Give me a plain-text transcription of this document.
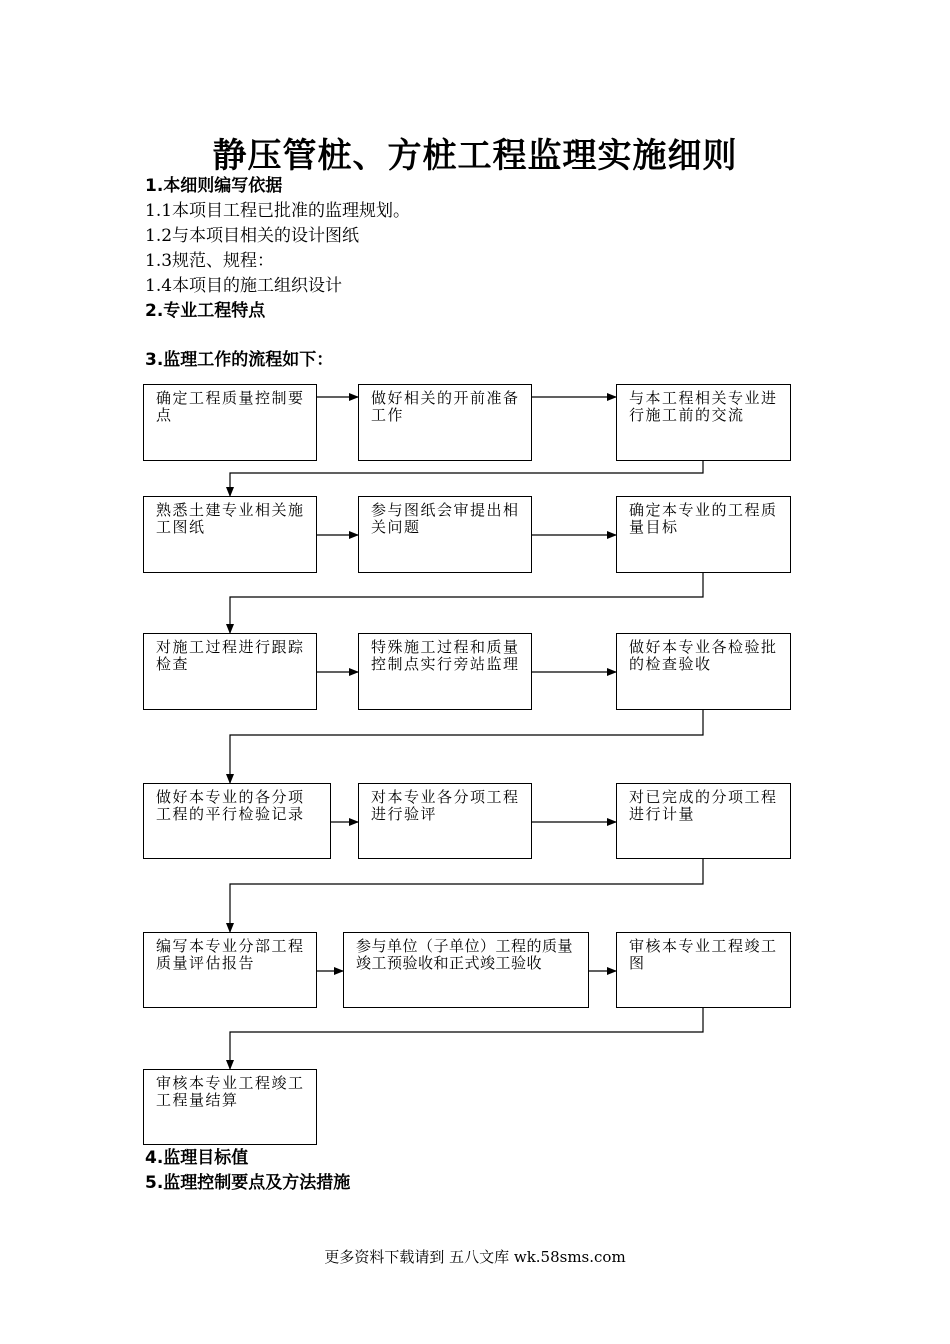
静压管桩、方桩工程监理实施细则
1.本细则编写依据
1.1本项目工程已批准的监理规划。
1.2与本项目相关的设计图纸
1.3规范、规程：
1.4本项目的施工组织设计
2.专业工程特点
3.监理工作的流程如下：
确定工程质量控制要点
做好相关的开前准备工作
与本工程相关专业进行施工前的交流
熟悉土建专业相关施工图纸
参与图纸会审提出相关问题
确定本专业的工程质量目标
对施工过程进行跟踪检查
特殊施工过程和质量控制点实行旁站监理
做好本专业各检验批的检查验收
做好本专业的各分项工程的平行检验记录
对本专业各分项工程进行验评
对已完成的分项工程进行计量
编写本专业分部工程质量评估报告
参与单位（子单位）工程的质量竣工预验收和正式竣工验收
审核本专业工程竣工图
审核本专业工程竣工工程量结算
4.监理目标值
5.监理控制要点及方法措施
更多资料下载请到 五八文库 wk.58sms.com
